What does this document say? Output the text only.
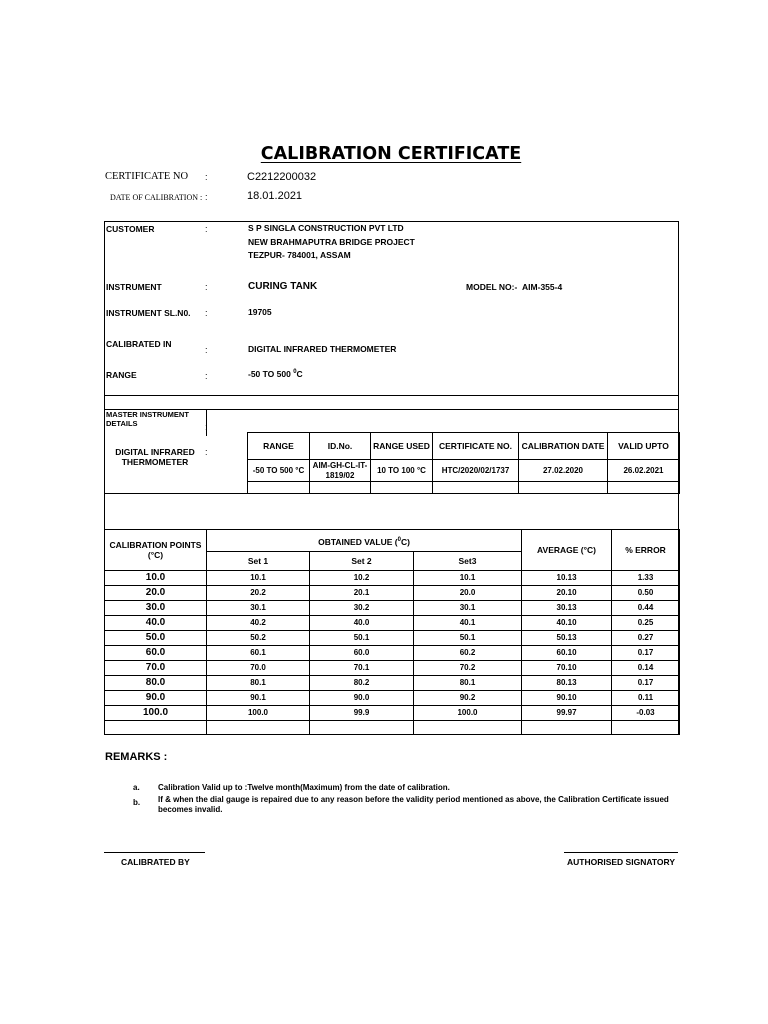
CALIBRATION CERTIFICATE
CERTIFICATE NO :	C2212200032
DATE OF CALIBRATION : :	18.01.2021
CUSTOMER	:	S P SINGLA CONSTRUCTION PVT LTD
NEW BRAHMAPUTRA BRIDGE PROJECT
TEZPUR- 784001, ASSAM
INSTRUMENT	:	CURING TANK	MODEL NO:- AIM-355-4
INSTRUMENT SL.N0. :	19705
CALIBRATED IN
:	DIGITAL INFRARED THERMOMETER
RANGE	:	-50 TO 500 $^0$C
MASTER INSTRUMENT DETAILS	:
DIGITAL INFRARED THERMOMETER
:
RANGE	ID.No.	RANGE USED	CERTIFICATE NO.	CALIBRATION DATE	VALID UPTO
-50 TO 500 °C	AIM-GH-CL-IT-1819/02	10 TO 100 °C	HTC/2020/02/1737	27.02.2020	26.02.2021

CALIBRATION POINTS (°C)	OBTAINED VALUE ($^0$C)			AVERAGE (°C)	% ERROR
	Set 1	Set 2	Set3		
10.0	10.1	10.2	10.1	10.13	1.33
20.0	20.2	20.1	20.0	20.10	0.50
30.0	30.1	30.2	30.1	30.13	0.44
40.0	40.2	40.0	40.1	40.10	0.25
50.0	50.2	50.1	50.1	50.13	0.27
60.0	60.1	60.0	60.2	60.10	0.17
70.0	70.0	70.1	70.2	70.10	0.14
80.0	80.1	80.2	80.1	80.13	0.17
90.0	90.1	90.0	90.2	90.10	0.11
100.0	100.0	99.9	100.0	99.97	-0.03

REMARKS :
a. Calibration Valid up to :Twelve month(Maximum) from the date of calibration.
b. If & when the dial gauge is repaired due to any reason before the validity period mentioned as above, the Calibration Certificate issued becomes invalid.
CALIBRATED BY	AUTHORISED SIGNATORY
